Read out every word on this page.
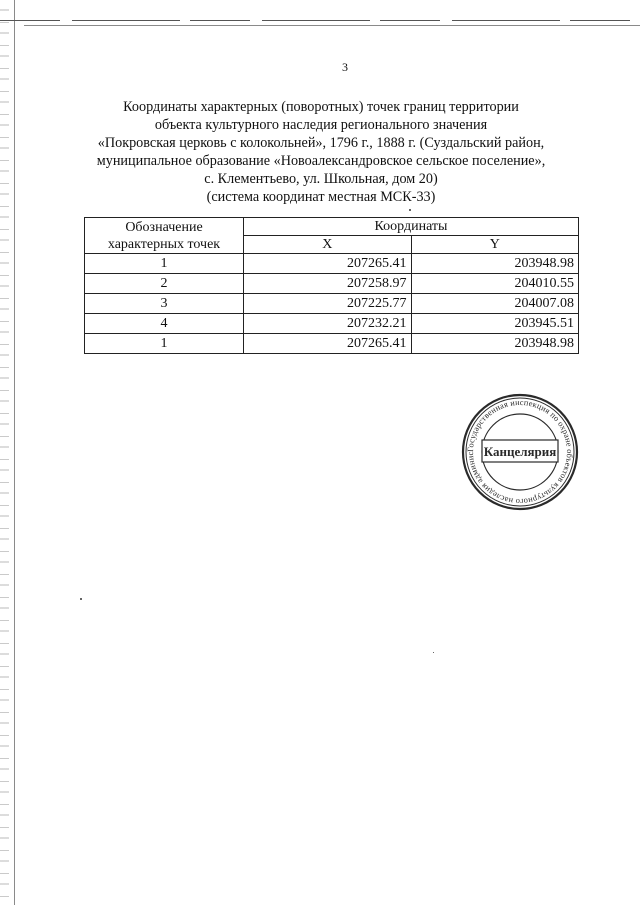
3
Координаты характерных (поворотных) точек границ территории
объекта культурного наследия регионального значения
«Покровская церковь с колокольней», 1796 г., 1888 г. (Суздальский район,
муниципальное образование «Новоалександровское сельское поселение»,
с. Клементьево, ул. Школьная, дом 20)
(система координат местная МСК-33)
Обозначение характерных точек	Координаты	
	X	Y
1	207265.41	203948.98
2	207258.97	204010.55
3	207225.77	204007.08
4	207232.21	203945.51
1	207265.41	203948.98
Государственная инспекция по охране объектов культурного наследия админис Канцелярия
